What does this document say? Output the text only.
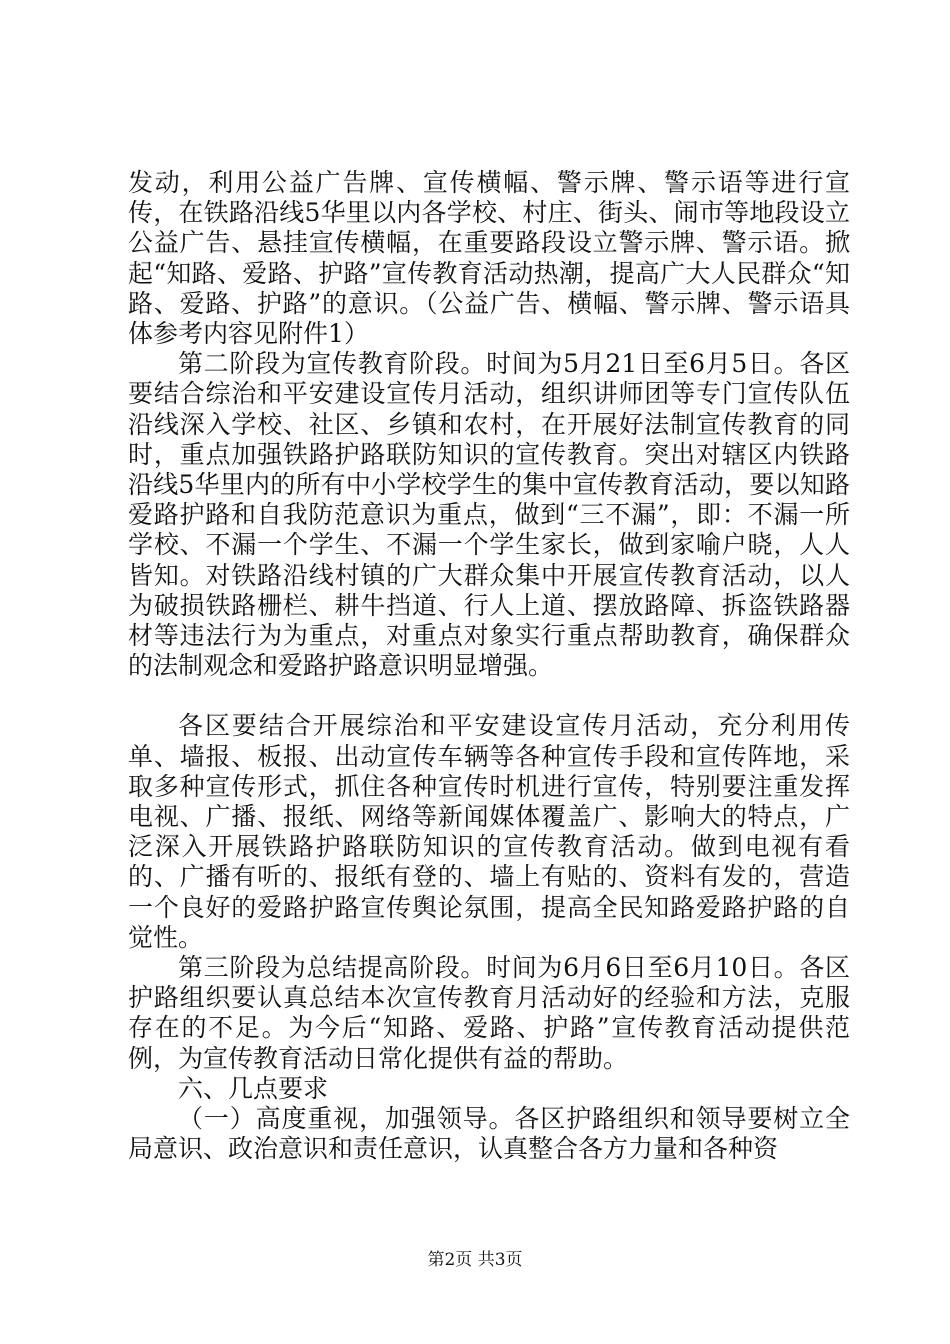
发动，利用公益广告牌、宣传横幅、警示牌、警示语等进行宣传，在铁路沿线5华里以内各学校、村庄、街头、闹市等地段设立公益广告、悬挂宣传横幅，在重要路段设立警示牌、警示语。掀起“知路、爱路、护路”宣传教育活动热潮，提高广大人民群众“知路、爱路、护路”的意识。（公益广告、横幅、警示牌、警示语具体参考内容见附件1）

第二阶段为宣传教育阶段。时间为5月21日至6月5日。各区要结合综治和平安建设宣传月活动，组织讲师团等专门宣传队伍沿线深入学校、社区、乡镇和农村，在开展好法制宣传教育的同时，重点加强铁路护路联防知识的宣传教育。突出对辖区内铁路沿线5华里内的所有中小学校学生的集中宣传教育活动，要以知路爱路护路和自我防范意识为重点，做到“三不漏”，即：不漏一所学校、不漏一个学生、不漏一个学生家长，做到家喻户晓，人人皆知。对铁路沿线村镇的广大群众集中开展宣传教育活动，以人为破损铁路栅栏、耕牛挡道、行人上道、摆放路障、拆盗铁路器材等违法行为为重点，对重点对象实行重点帮助教育，确保群众的法制观念和爱路护路意识明显增强。

各区要结合开展综治和平安建设宣传月活动，充分利用传单、墙报、板报、出动宣传车辆等各种宣传手段和宣传阵地，采取多种宣传形式，抓住各种宣传时机进行宣传，特别要注重发挥电视、广播、报纸、网络等新闻媒体覆盖广、影响大的特点，广泛深入开展铁路护路联防知识的宣传教育活动。做到电视有看的、广播有听的、报纸有登的、墙上有贴的、资料有发的，营造一个良好的爱路护路宣传舆论氛围，提高全民知路爱路护路的自觉性。

第三阶段为总结提高阶段。时间为6月6日至6月10日。各区护路组织要认真总结本次宣传教育月活动好的经验和方法，克服存在的不足。为今后“知路、爱路、护路”宣传教育活动提供范例，为宣传教育活动日常化提供有益的帮助。

六、几点要求

（一）高度重视，加强领导。各区护路组织和领导要树立全局意识、政治意识和责任意识，认真整合各方力量和各种资

第2页 共3页
